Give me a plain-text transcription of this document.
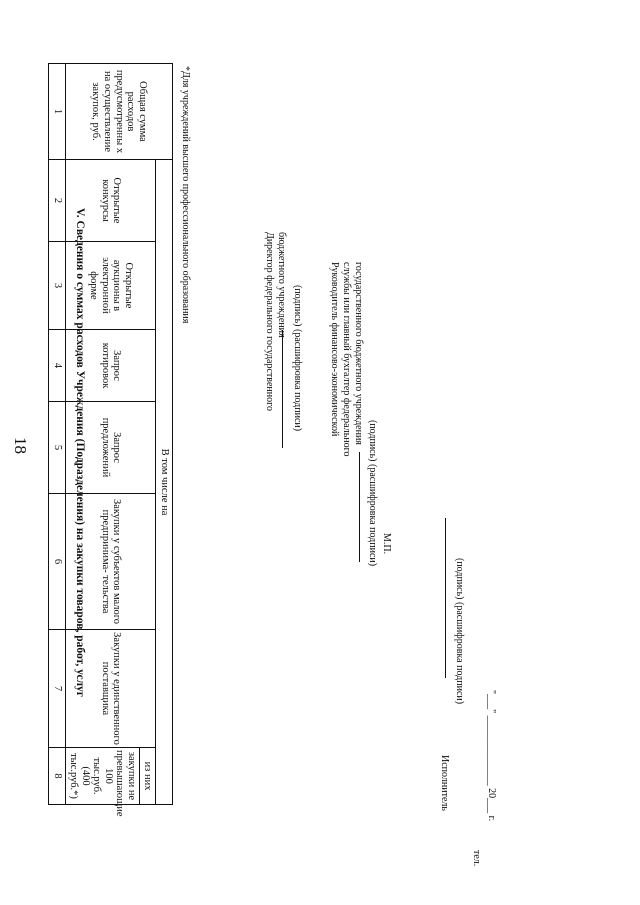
18	V. Сведения о суммах расходов Учреждения (Подразделения) на закупки товаров, работ, услуг
Общая сумма расходов предусмотренны х на осуществление закупок, руб.	В том числе на						
	Открытые конкурсы	Открытые аукционы в электронной форме	Запрос котировок	Запрос предложений	Закупки у субъектов малого предпринима- тельства	Закупки у единственного поставщика	из них
							закупки не превышающие 100 тыс.руб. (400 тыс.руб.*)
1	2	3	4	5	6	7	8
*Для учреждений высшего профессионального образования	Директор федерального государственного бюджетного учреждения
(подпись) (расшифровка подписи)	Руководитель финансово-экономической службы или главный бухгалтер федерального государственного бюджетного учреждения
(подпись) (расшифровка подписи) М.П.
Исполнитель
(подпись) (расшифровка подписи)
тел.
"___" ______________ 20___ г.
